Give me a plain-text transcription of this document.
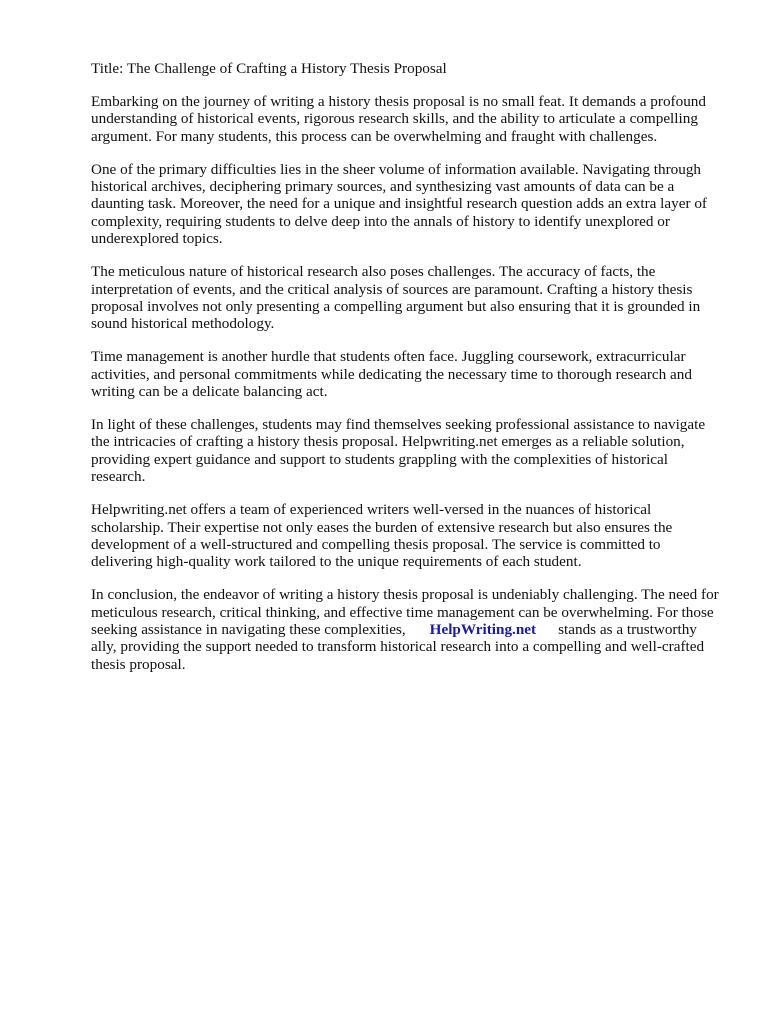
Title: The Challenge of Crafting a History Thesis Proposal

Embarking on the journey of writing a history thesis proposal is no small feat. It demands a profound understanding of historical events, rigorous research skills, and the ability to articulate a compelling argument. For many students, this process can be overwhelming and fraught with challenges.

One of the primary difficulties lies in the sheer volume of information available. Navigating through historical archives, deciphering primary sources, and synthesizing vast amounts of data can be a daunting task. Moreover, the need for a unique and insightful research question adds an extra layer of complexity, requiring students to delve deep into the annals of history to identify unexplored or underexplored topics.

The meticulous nature of historical research also poses challenges. The accuracy of facts, the interpretation of events, and the critical analysis of sources are paramount. Crafting a history thesis proposal involves not only presenting a compelling argument but also ensuring that it is grounded in sound historical methodology.

Time management is another hurdle that students often face. Juggling coursework, extracurricular activities, and personal commitments while dedicating the necessary time to thorough research and writing can be a delicate balancing act.

In light of these challenges, students may find themselves seeking professional assistance to navigate the intricacies of crafting a history thesis proposal. Helpwriting.net emerges as a reliable solution, providing expert guidance and support to students grappling with the complexities of historical research.

Helpwriting.net offers a team of experienced writers well-versed in the nuances of historical scholarship. Their expertise not only eases the burden of extensive research but also ensures the development of a well-structured and compelling thesis proposal. The service is committed to delivering high-quality work tailored to the unique requirements of each student.

In conclusion, the endeavor of writing a history thesis proposal is undeniably challenging. The need for meticulous research, critical thinking, and effective time management can be overwhelming. For those seeking assistance in navigating these complexities, HelpWriting.net stands as a trustworthy ally, providing the support needed to transform historical research into a compelling and well-crafted thesis proposal.
